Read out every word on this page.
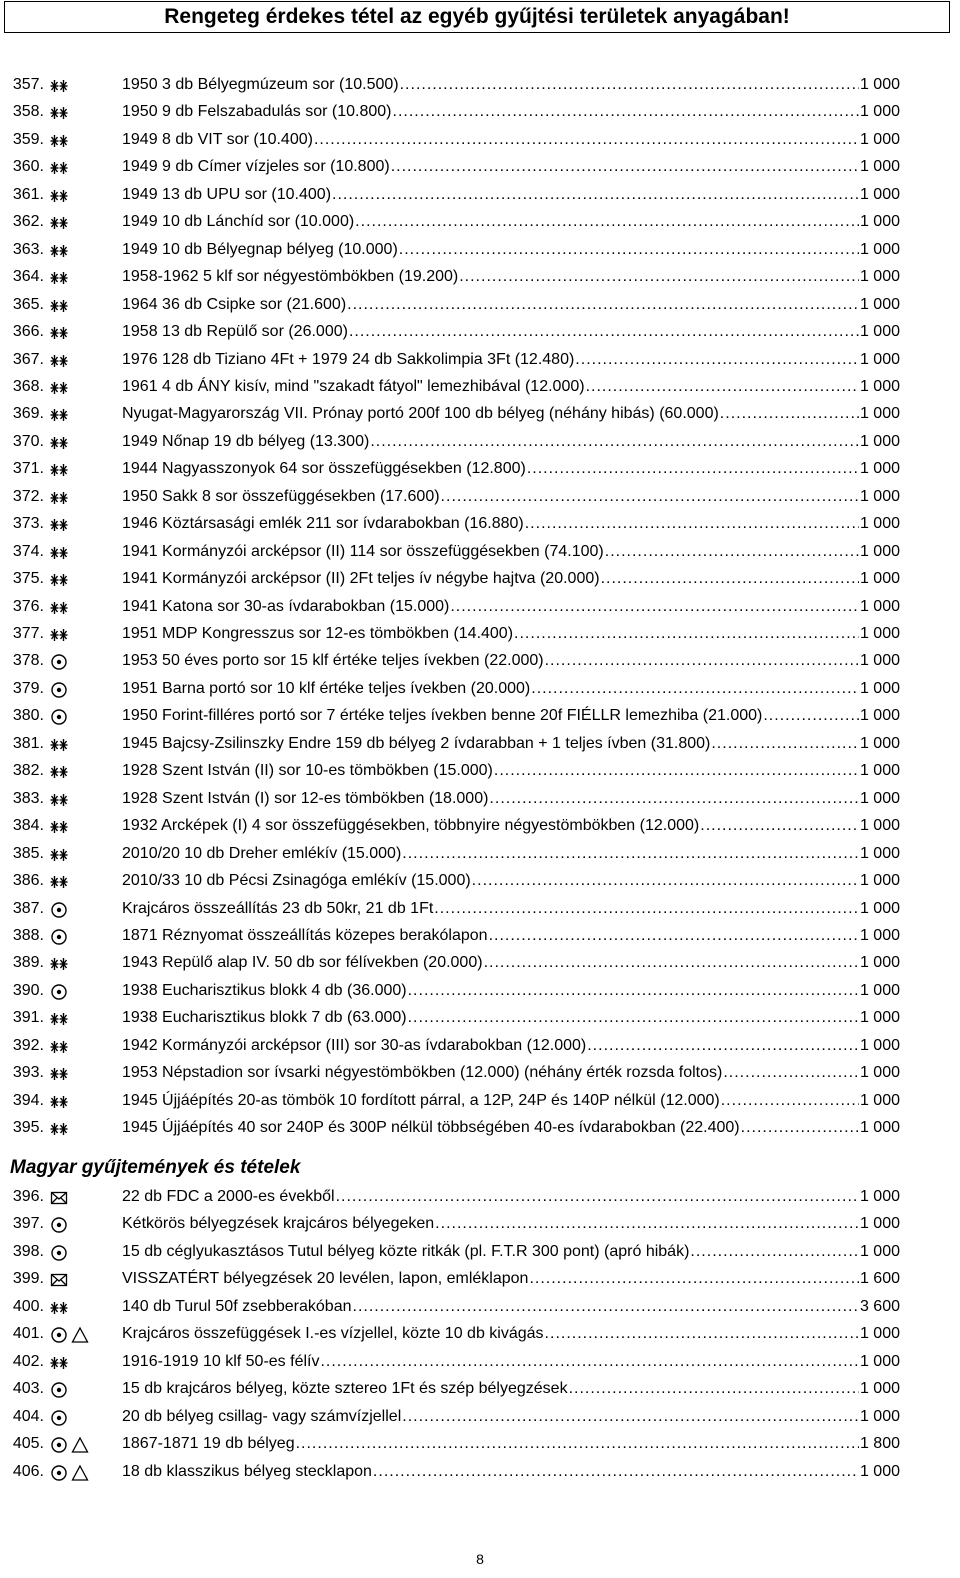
Rengeteg érdekes tétel az egyéb gyűjtési területek anyagában!
357.	1950 3 db Bélyegmúzeum sor (10.500) .....	1 000
358.	1950 9 db Felszabadulás sor (10.800) .....	1 000
359.	1949 8 db VIT sor (10.400) .....	1 000
360.	1949 9 db Címer vízjeles sor (10.800) .....	1 000
361.	1949 13 db UPU sor (10.400) .....	1 000
362.	1949 10 db Lánchíd sor (10.000) .....	1 000
363.	1949 10 db Bélyegnap bélyeg (10.000) .....	1 000
364.	1958-1962 5 klf sor négyestömbökben (19.200) .....	1 000
365.	1964 36 db Csipke sor (21.600) .....	1 000
366.	1958 13 db Repülő sor (26.000) .....	1 000
367.	1976 128 db Tiziano 4Ft + 1979 24 db Sakkolimpia 3Ft (12.480) .....	1 000
368.	1961 4 db ÁNY kisív, mind "szakadt fátyol" lemezhibával (12.000) .....	1 000
369.	Nyugat-Magyarország VII. Prónay portó 200f 100 db bélyeg (néhány hibás) (60.000) .....	1 000
370.	1949 Nőnap 19 db bélyeg (13.300) .....	1 000
371.	1944 Nagyasszonyok 64 sor összefüggésekben (12.800) .....	1 000
372.	1950 Sakk 8 sor összefüggésekben (17.600) .....	1 000
373.	1946 Köztársasági emlék 211 sor ívdarabokban (16.880) .....	1 000
374.	1941 Kormányzói arcképsor (II) 114 sor összefüggésekben (74.100) .....	1 000
375.	1941 Kormányzói arcképsor (II) 2Ft teljes ív négybe hajtva (20.000) .....	1 000
376.	1941 Katona sor 30-as ívdarabokban (15.000) .....	1 000
377.	1951 MDP Kongresszus sor 12-es tömbökben (14.400) .....	1 000
378.	1953 50 éves porto sor 15 klf értéke teljes ívekben (22.000) .....	1 000
379.	1951 Barna portó sor 10 klf értéke teljes ívekben (20.000) .....	1 000
380.	1950 Forint-filléres portó sor 7 értéke teljes ívekben benne 20f FIÉLLR lemezhiba (21.000) .....	1 000
381.	1945 Bajcsy-Zsilinszky Endre 159 db bélyeg 2 ívdarabban + 1 teljes ívben (31.800) .....	1 000
382.	1928 Szent István (II) sor 10-es tömbökben (15.000) .....	1 000
383.	1928 Szent István (I) sor 12-es tömbökben (18.000) .....	1 000
384.	1932 Arcképek (I) 4 sor összefüggésekben, többnyire négyestömbökben (12.000) .....	1 000
385.	2010/20 10 db Dreher emlékív (15.000) .....	1 000
386.	2010/33 10 db Pécsi Zsinagóga emlékív (15.000) .....	1 000
387.	Krajcáros összeállítás 23 db 50kr, 21 db 1Ft .....	1 000
388.	1871 Réznyomat összeállítás közepes berakólapon .....	1 000
389.	1943 Repülő alap IV. 50 db sor félívekben (20.000) .....	1 000
390.	1938 Eucharisztikus blokk 4 db (36.000) .....	1 000
391.	1938 Eucharisztikus blokk 7 db (63.000) .....	1 000
392.	1942 Kormányzói arcképsor (III) sor 30-as ívdarabokban (12.000) .....	1 000
393.	1953 Népstadion sor ívsarki négyestömbökben (12.000) (néhány érték rozsda foltos) .....	1 000
394.	1945 Újjáépítés 20-as tömbök 10 fordított párral, a 12P, 24P és 140P nélkül (12.000) .....	1 000
395.	1945 Újjáépítés 40 sor 240P és 300P nélkül többségében 40-es ívdarabokban (22.400) .....	1 000
396.	22 db FDC a 2000-es évekből .....	1 000
397.	Kétkörös bélyegzések krajcáros bélyegeken .....	1 000
398.	15 db céglyukasztásos Tutul bélyeg közte ritkák (pl. F.T.R 300 pont) (apró hibák) .....	1 000
399.	VISSZATÉRT bélyegzések 20 levélen, lapon, emléklapon .....	1 600
400.	140 db Turul 50f zsebberakóban .....	3 600
401.	Krajcáros összefüggések I.-es vízjellel, közte 10 db kivágás .....	1 000
402.	1916-1919 10 klf 50-es félív .....	1 000
403.	15 db krajcáros bélyeg, közte sztereo 1Ft és szép bélyegzések .....	1 000
404.	20 db bélyeg csillag- vagy számvízjellel .....	1 000
405.	1867-1871 19 db bélyeg .....	1 800
406.	18 db klasszikus bélyeg stecklapon .....	1 000
Magyar gyűjtemények és tételek
8
